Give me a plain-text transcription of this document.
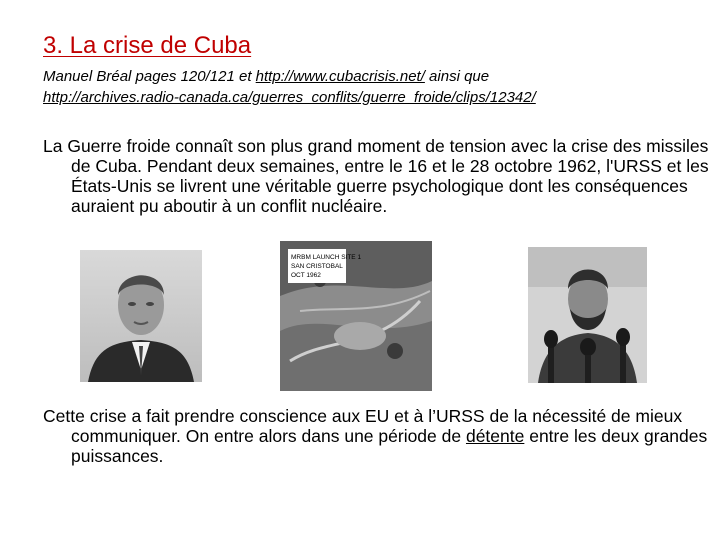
3. La crise de Cuba
Manuel Bréal pages 120/121 et http://www.cubacrisis.net/ ainsi que
http://archives.radio-canada.ca/guerres_conflits/guerre_froide/clips/12342/
La Guerre froide connaît son plus grand moment de tension avec la crise des missiles de Cuba. Pendant deux semaines, entre le 16 et le 28 octobre 1962, l'URSS et les États-Unis se livrent une véritable guerre psychologique dont les conséquences auraient pu aboutir à un conflit nucléaire.
MRBM LAUNCH SITE 1
SAN CRISTOBAL
OCT 1962
Cette crise a fait prendre conscience aux EU et à l’URSS de la nécessité de mieux communiquer. On entre alors dans une période de détente entre les deux grandes puissances.
